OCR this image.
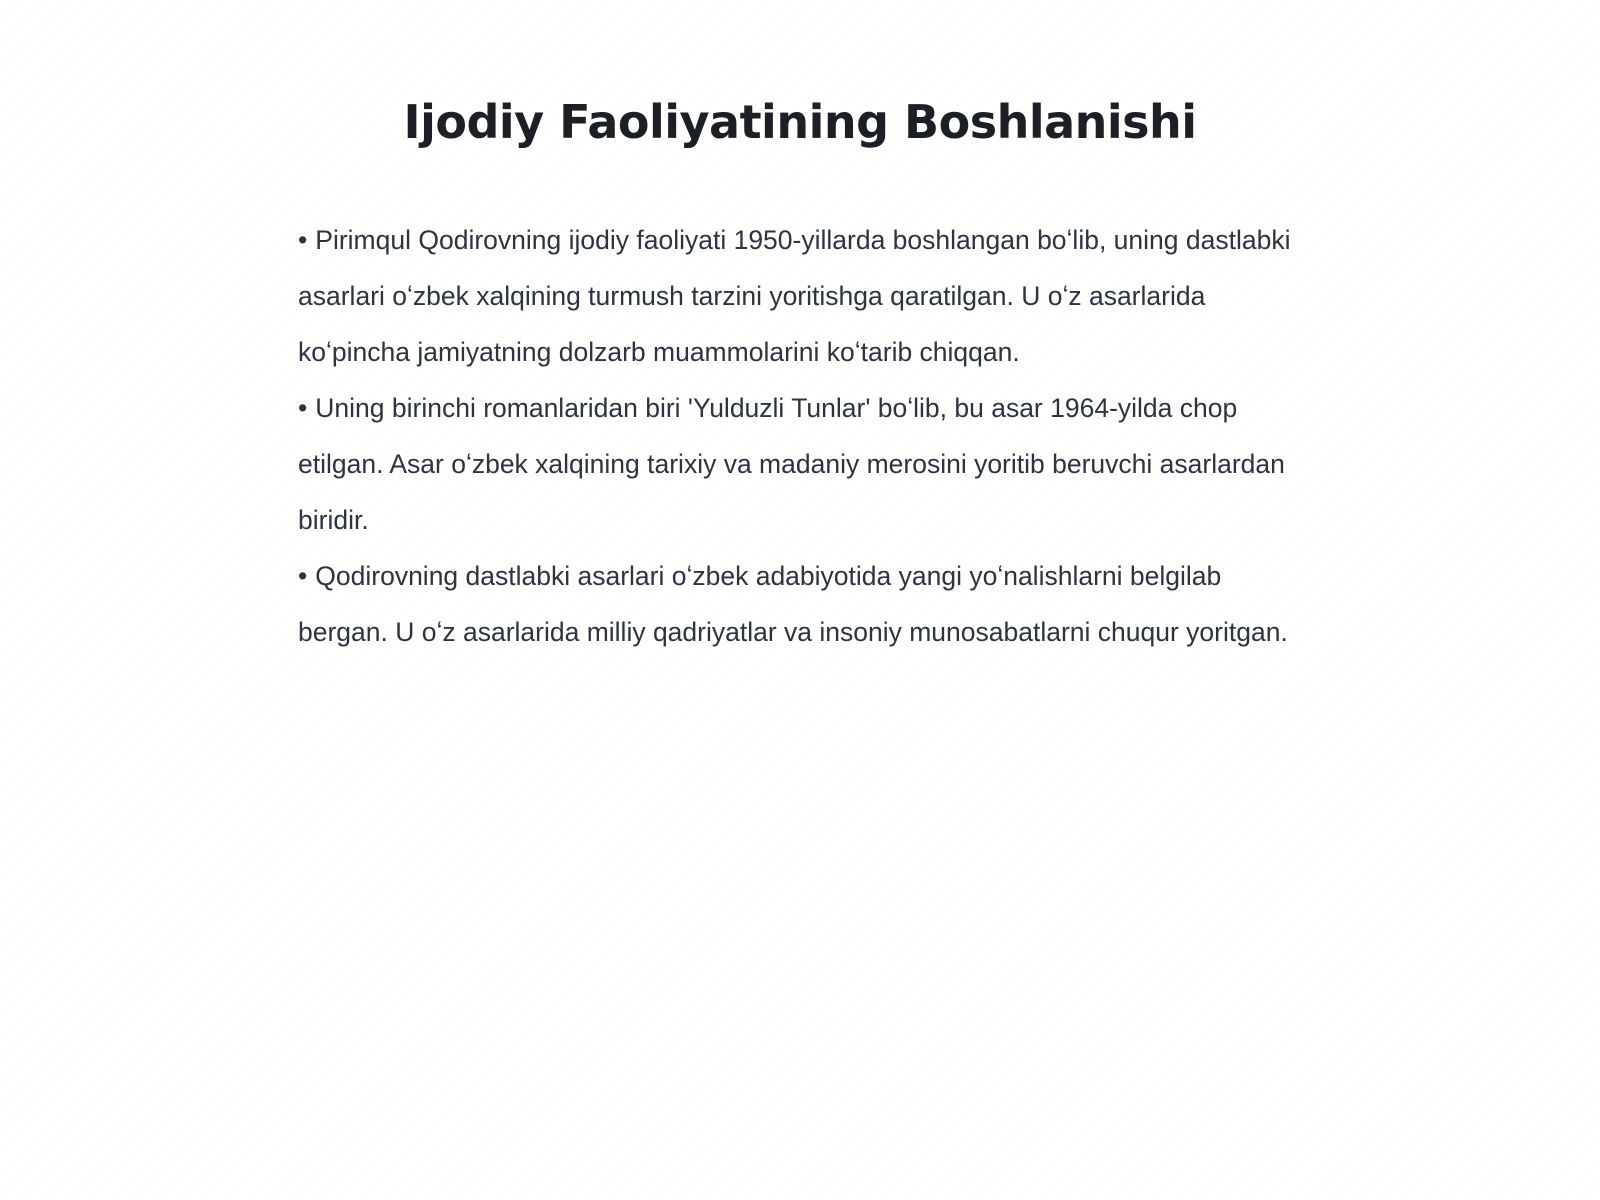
Ijodiy Faoliyatining Boshlanishi

• Pirimqul Qodirovning ijodiy faoliyati 1950-yillarda boshlangan boʻlib, uning dastlabki asarlari oʻzbek xalqining turmush tarzini yoritishga qaratilgan. U oʻz asarlarida koʻpincha jamiyatning dolzarb muammolarini koʻtarib chiqqan.

• Uning birinchi romanlaridan biri 'Yulduzli Tunlar' boʻlib, bu asar 1964-yilda chop etilgan. Asar oʻzbek xalqining tarixiy va madaniy merosini yoritib beruvchi asarlardan biridir.

• Qodirovning dastlabki asarlari oʻzbek adabiyotida yangi yoʻnalishlarni belgilab bergan. U oʻz asarlarida milliy qadriyatlar va insoniy munosabatlarni chuqur yoritgan.
